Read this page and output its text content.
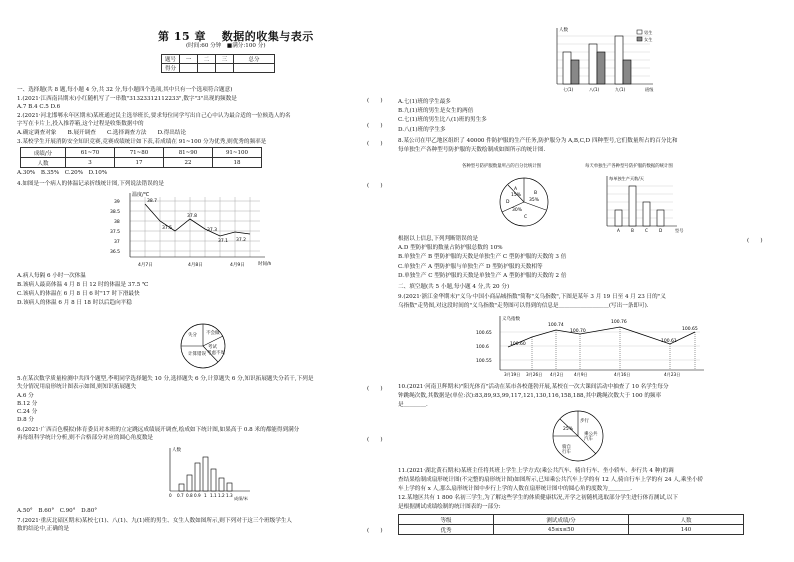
第 15 章　 数据的收集与表示
(时间:60 分钟　■满分:100 分)
题号	一	二	三	总分
得分				
一、选择题(共 8 题,每小题 4 分,共 32 分,每小题四个选项,其中只有一个选项符合题意)
1.(2021·江西南昌期末)小红随机写了一串数"31323312112233",数字"3"出现的频数是	(　　)
A.7 B.4 C.5 D.6
2.(2021·河北邯郸永年区期末)某班通过民主选举班长,要求每位同学写出自己心中认为最合适的一位候选人的名
字写在卡片上,投入推荐箱,这个过程是收集数据中的	(　　)
A.确定调查对象　　B.展开调查　　C.选择调查方法　　D.得出结论
3.某校学生开展消防安全知识竞赛,竞赛成绩统计如下表,若成绩在 91~100 分为优秀,则优秀的频率是	(　　)
成绩/分	61~70	71~80	81~90	91~100
人数	3	17	22	18
A.30%　B.35%　C.20%　D.10%
4.如图是一个病人的体温记录折线统计图,下列说法错误的是	(　　)
温度/℃
39
38.5
38
37.5
37
36.5
38.7
37.8
37.5	37.3
37.1 37.2
4月7日	4月8日	4月9日	时间/h
A.病人每隔 6 小时一次体温
B.该病人最高体温 4 月 8 日 12 时的体温是 37.5 ℃
C.该病人的体温在 6 月 8 日 6 时"17 时下滑最快
D.该病人的体温 6 月 8 日 18 时以后趋向平稳
失分 不会做
计算错误
考试
考虑不周
5.在某次数学质量检测中共四个题型,李明同学选择题失 10 分,选择题失 6 分,计算题失 6 分,知识拓展题失分若干,下列是
失分情况用扇形统计图表示如图,则知识拓展题失	(　　)
A.6 分
B.12 分
C.24 分
D.8 分
6.(2021·广西百色模拟)体育委员对本班的立定跳远成绩展开调查,绘成如下统计图,如果高于 0.8 米的都能得到满分
再每组科学统计分析,则不合格部分对应的圆心角度数是	(　　)
人数
0 0.7 0.8 0.9 1 1.1 1.2 1.3
成绩/米
A.50°　B.60°　C.90°　D.80°
7.(2021·重庆北碚区期末)某校七(1)、八(1)、九(1)班的男生、女生人数如图所示,则下列对于这三个班级学生人
数的结论中,正确的是	(　　)
人数	男生
女生
七(1)	八(1)	九(1)	班级
A.七(1)班的学生最多
B.九(1)班的男生是女生的两倍
C.七(1)班的男生比八(1)班的男生多
D.八(1)班的学生多
8.某公司在甲乙地区组织了 40000 件防护服的生产任务,防护服分为 A,B,C,D 四种型号,它们数量所占的百分比和
每单独生产各种型号防护服的天数绘制成如图所示的统计图.
各种型号防护服数量所占的百分比统计图	每天单独生产各种型号防护服的数据的统计图
A
B
C
D
15%
35%
30%
每单独生产天数/天
A	B	C	D	型号
根据以上信息,下列判断错误的是	(　　)
A.D 型防护服的数量占防护服总数的 10%
B.单独生产 B 型防护服的天数是单独生产 C 型防护服的天数的 3 倍
C.单独生产 A 型防护服与单独生产 D 型防护服的天数相等
D.单独生产 C 型防护服的天数是单独生产 A 型防护服的天数的 2 倍
二、填空题(共 5 小题,每小题 4 分,共 20 分)
9.(2021·浙江金华期末)"义乌·中国小商品城指数"简称"义乌指数",下图是某年 3 月 19 日至 4 月 23 日的"义
乌指数"走势图,对这段时间的"义乌指数"走势图可以得到的信息是＿＿＿＿＿＿＿＿＿(写出一条即可).
义乌指数
100.65
100.6
100.55
100.60
100.74
100.70
100.76
100.61
100.65
3月19日 3月26日 4月2日 4月9日	4月16日	4月23日
10.(2021·河南卫辉期末)"阳光体育"活动在某市各校蓬勃开展,某校在一次大课间活动中抽查了 10 名学生每分
钟跳绳次数,其数据是(单位:次):83,89,93,99,117,121,130,116,158,188,其中跳绳次数大于 100 的频率
是＿＿＿＿.
25%
步行
乘公共
汽车
骑自
行车
11.(2021·湖北黄石期末)某班主任将其班上学生上学方式(乘公共汽车、骑自行车、坐小轿车、步行共 4 种)的调
查结果绘制成扇形统计图(不完整的扇形统计图)如图所示,已知乘公共汽车上学的有 12 人,骑自行车上学的有 24 人,乘坐小轿
车上学的有 x 人,那么扇形统计图中步行上学的人数在扇形统计图中的圆心角的度数为＿＿＿＿.
12.某地区共有 1 800 名初三学生,为了解这些学生的体质健康状况,开学之初随机选取部分学生进行体育测试,以下
是根据测试成绩绘制的统计图表的一部分:
等级	测试成绩/分	人数
优秀	45≤x≤50	140
